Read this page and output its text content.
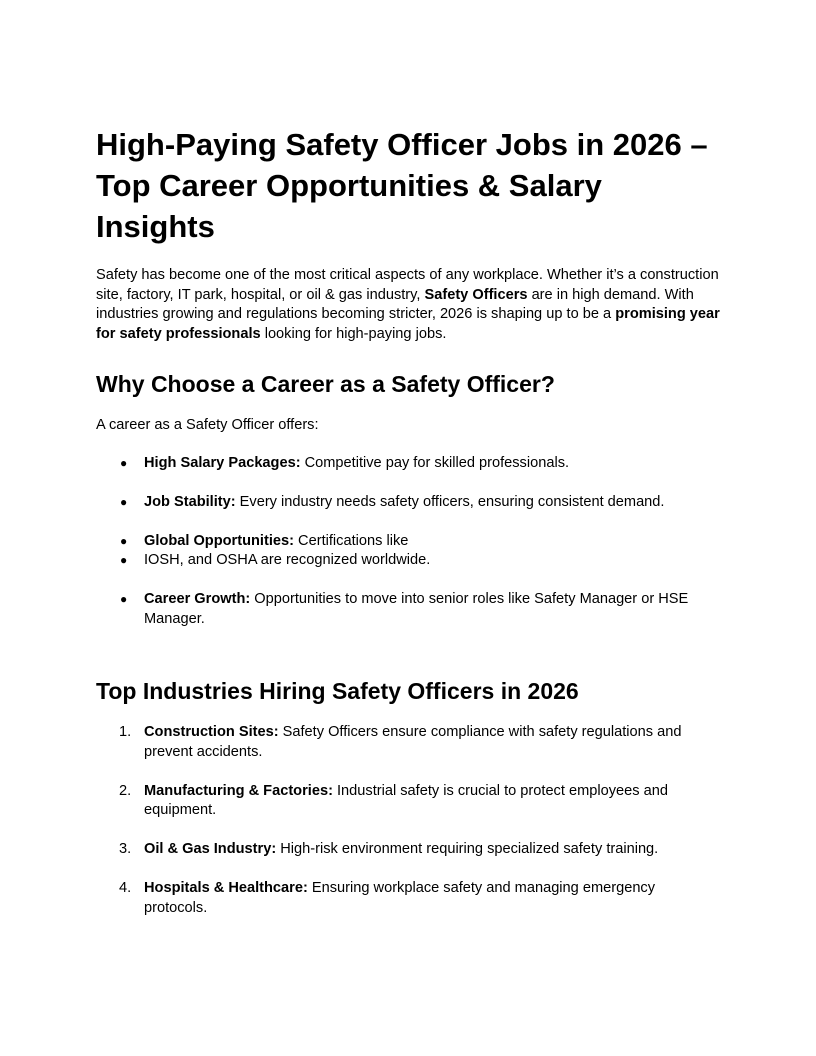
High-Paying Safety Officer Jobs in 2026 – Top Career Opportunities & Salary Insights

Safety has become one of the most critical aspects of any workplace. Whether it’s a construction site, factory, IT park, hospital, or oil & gas industry, Safety Officers are in high demand. With industries growing and regulations becoming stricter, 2026 is shaping up to be a promising year for safety professionals looking for high-paying jobs.

Why Choose a Career as a Safety Officer?

A career as a Safety Officer offers:

● High Salary Packages: Competitive pay for skilled professionals.
● Job Stability: Every industry needs safety officers, ensuring consistent demand.
● Global Opportunities: Certifications like
● IOSH, and OSHA are recognized worldwide.
● Career Growth: Opportunities to move into senior roles like Safety Manager or HSE Manager.
Top Industries Hiring Safety Officers in 2026
1. Construction Sites: Safety Officers ensure compliance with safety regulations and prevent accidents.
2. Manufacturing & Factories: Industrial safety is crucial to protect employees and equipment.
3. Oil & Gas Industry: High-risk environment requiring specialized safety training.
4. Hospitals & Healthcare: Ensuring workplace safety and managing emergency protocols.
